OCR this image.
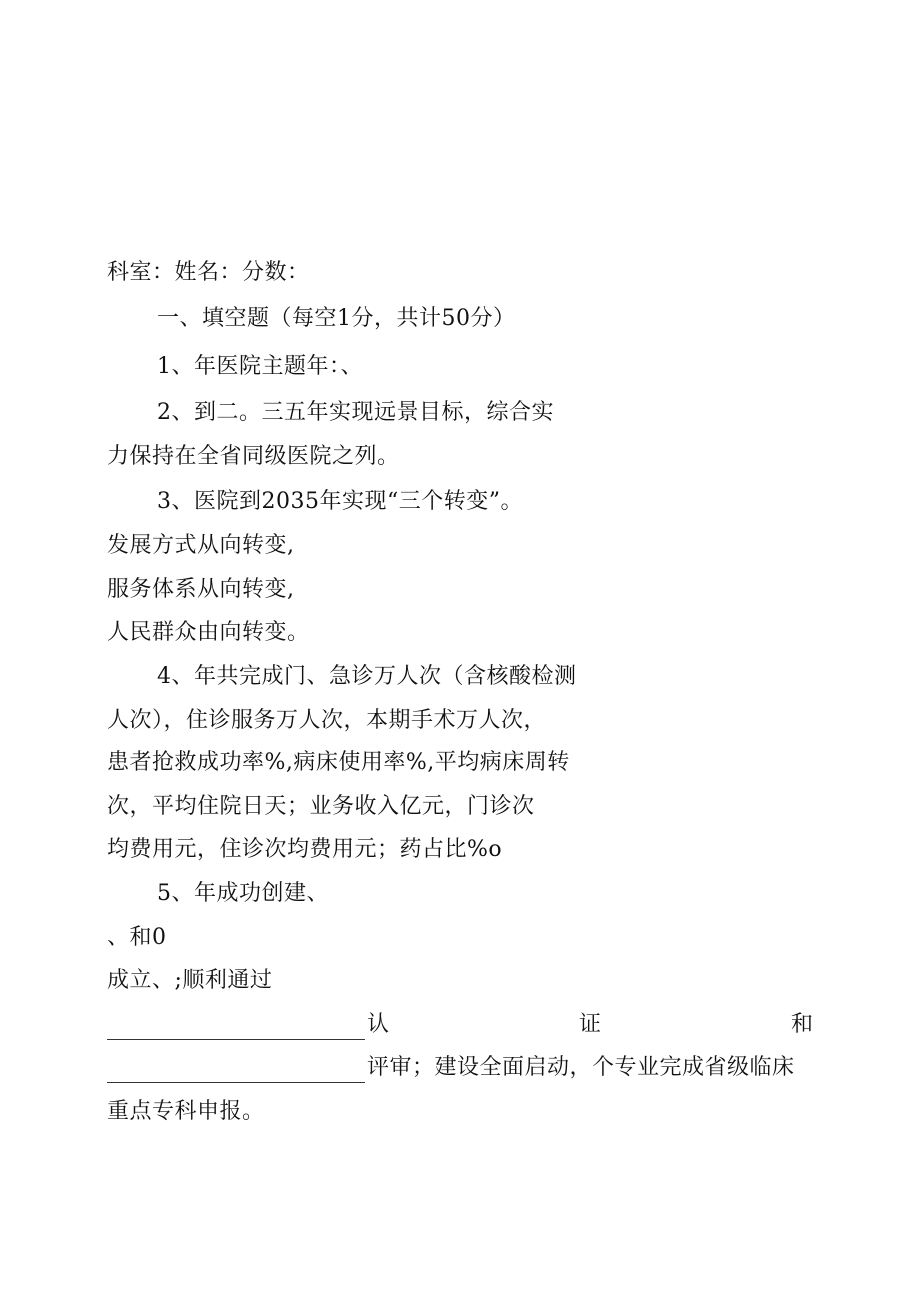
科室：姓名：分数：
一、填空题（每空1分，共计50分）
1、年医院主题年：、
2、到二。三五年实现远景目标，综合实
力保持在全省同级医院之列。
3、医院到2035年实现“三个转变”。
发展方式从向转变,
服务体系从向转变,
人民群众由向转变。
4、年共完成门、急诊万人次（含核酸检测
人次），住诊服务万人次，本期手术万人次，
患者抢救成功率%,病床使用率%,平均病床周转
次，平均住院日天；业务收入亿元，门诊次
均费用元，住诊次均费用元；药占比%o
5、年成功创建、
、和0
成立、;顺利通过
认	证	和
评审；建设全面启动，个专业完成省级临床
重点专科申报。
